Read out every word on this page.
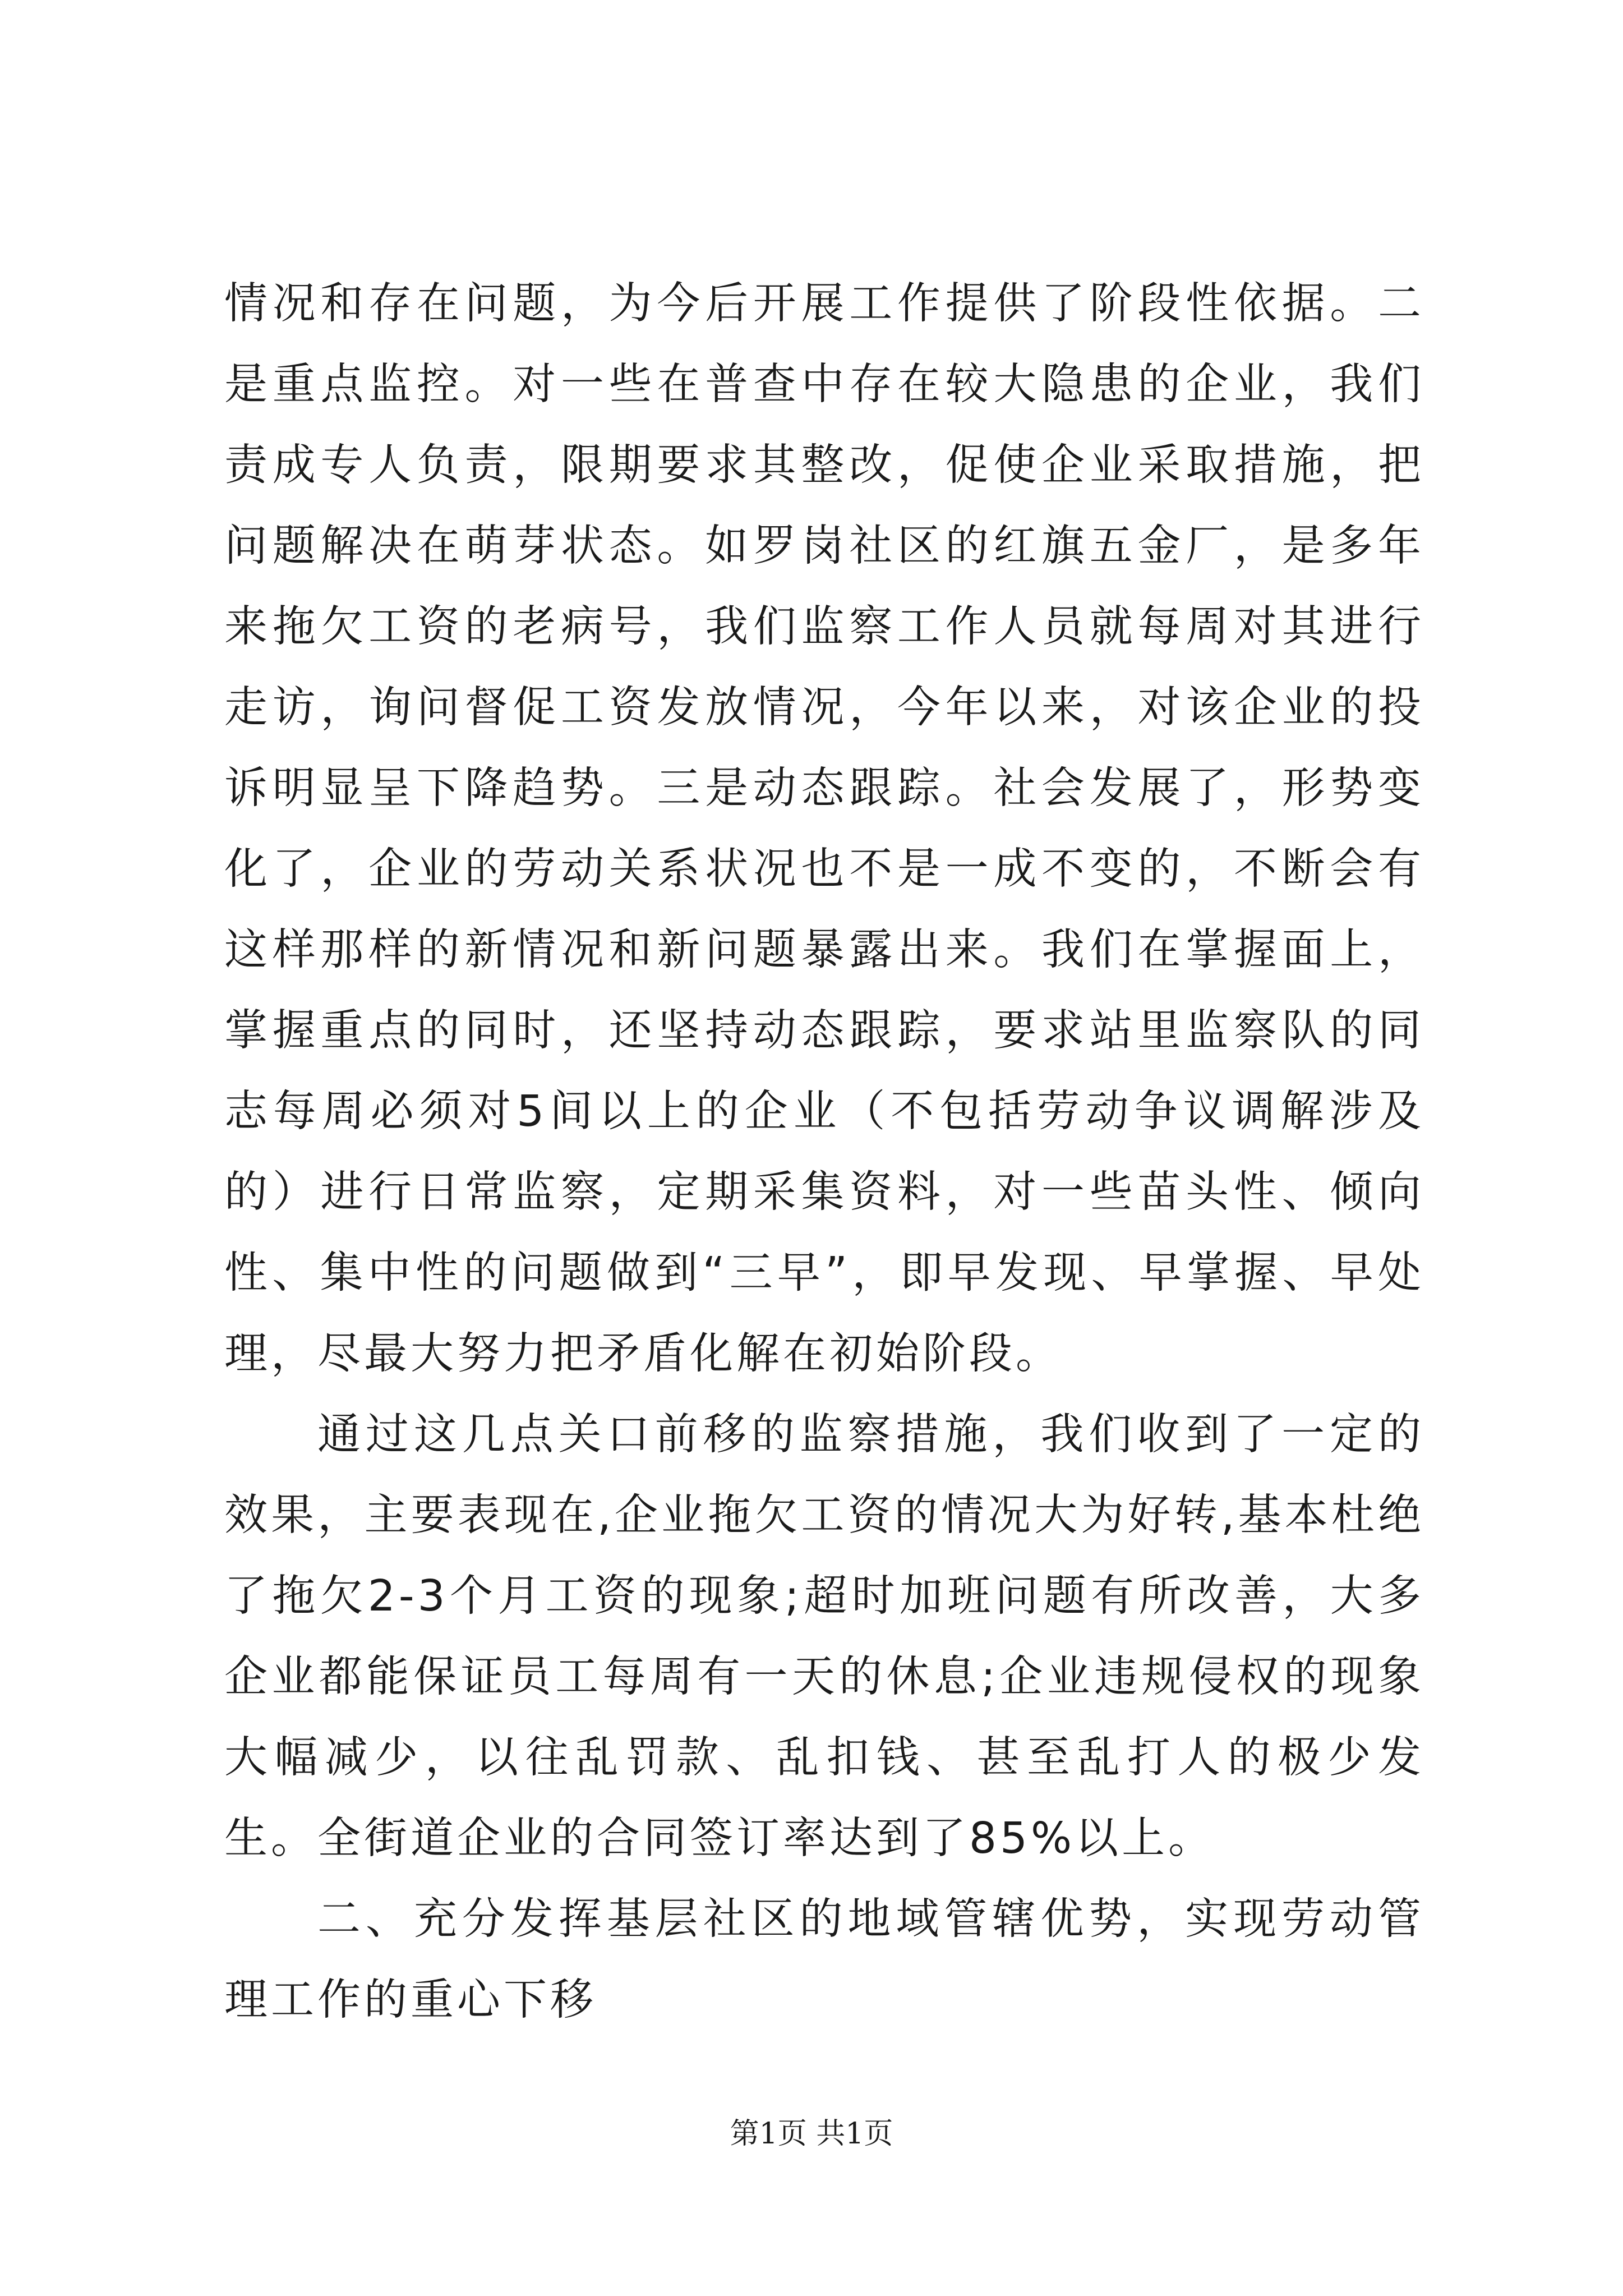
情况和存在问题，为今后开展工作提供了阶段性依据。二是重点监控。对一些在普查中存在较大隐患的企业，我们责成专人负责，限期要求其整改，促使企业采取措施，把问题解决在萌芽状态。如罗岗社区的红旗五金厂，是多年来拖欠工资的老病号，我们监察工作人员就每周对其进行走访，询问督促工资发放情况，今年以来，对该企业的投诉明显呈下降趋势。三是动态跟踪。社会发展了，形势变化了，企业的劳动关系状况也不是一成不变的，不断会有这样那样的新情况和新问题暴露出来。我们在掌握面上，掌握重点的同时，还坚持动态跟踪，要求站里监察队的同志每周必须对5间以上的企业（不包括劳动争议调解涉及的）进行日常监察，定期采集资料，对一些苗头性、倾向性、集中性的问题做到“三早”，即早发现、早掌握、早处理，尽最大努力把矛盾化解在初始阶段。

通过这几点关口前移的监察措施，我们收到了一定的效果，主要表现在,企业拖欠工资的情况大为好转,基本杜绝了拖欠2-3个月工资的现象;超时加班问题有所改善，大多企业都能保证员工每周有一天的休息;企业违规侵权的现象大幅减少，以往乱罚款、乱扣钱、甚至乱打人的极少发生。全街道企业的合同签订率达到了85%以上。

二、充分发挥基层社区的地域管辖优势，实现劳动管理工作的重心下移

第1页 共1页
